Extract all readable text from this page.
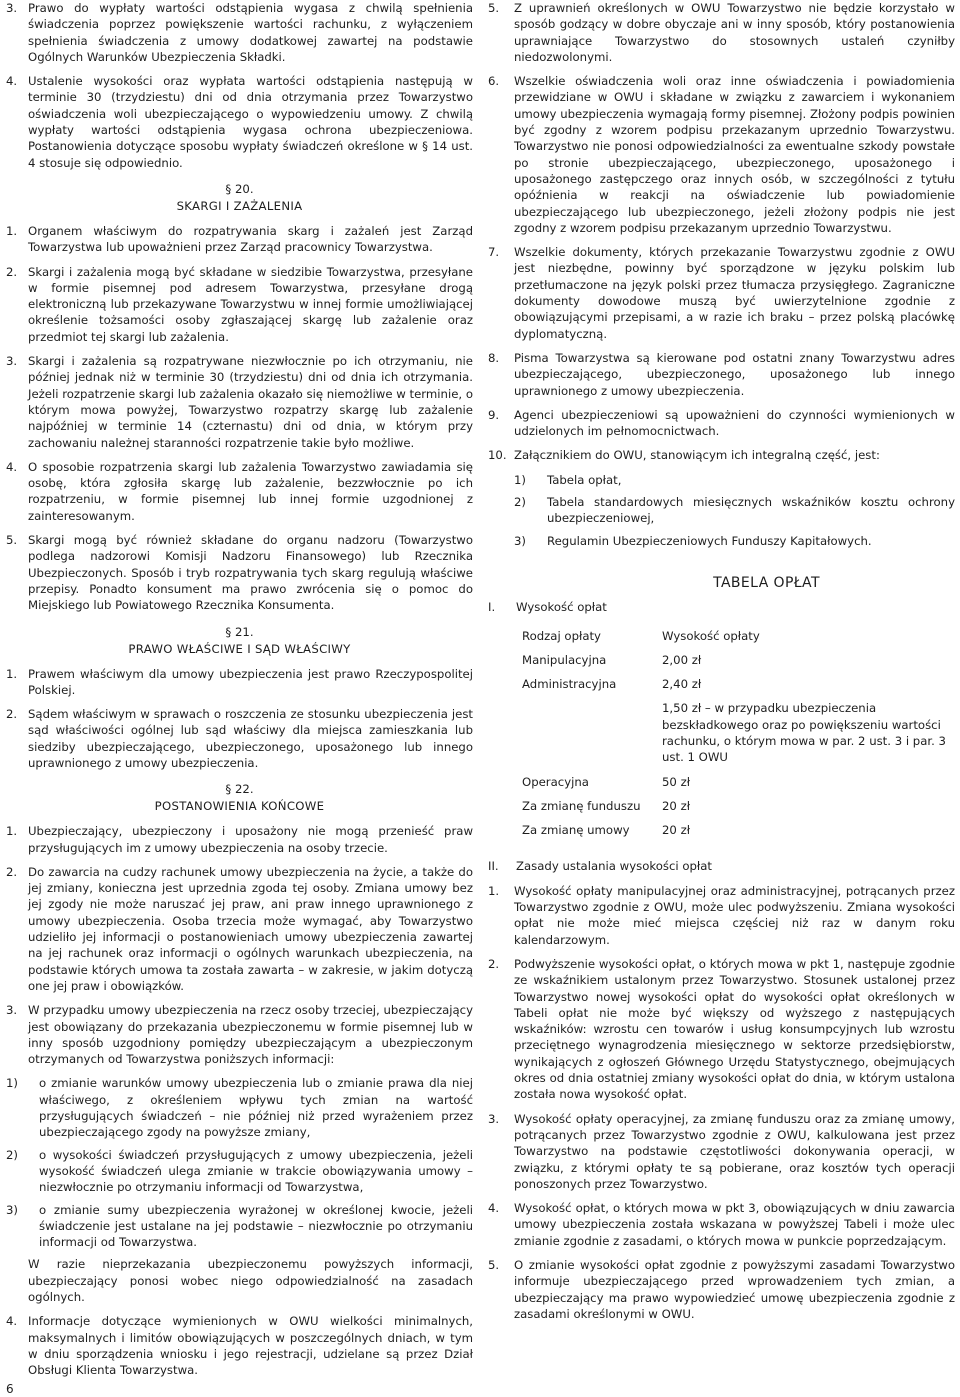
3. Prawo do wypłaty wartości odstąpienia wygasa z chwilą spełnienia świadczenia poprzez powiększenie wartości rachunku, z wyłączeniem spełnienia świadczenia z umowy dodatkowej zawartej na podstawie Ogólnych Warunków Ubezpieczenia Składki.
4. Ustalenie wysokości oraz wypłata wartości odstąpienia następują w terminie 30 (trzydziestu) dni od dnia otrzymania przez Towarzystwo oświadczenia woli ubezpieczającego o wypowiedzeniu umowy. Z chwilą wypłaty wartości odstąpienia wygasa ochrona ubezpieczeniowa. Postanowienia dotyczące sposobu wypłaty świadczeń określone w § 14 ust. 4 stosuje się odpowiednio.
§ 20.
SKARGI I ZAŻALENIA
1. Organem właściwym do rozpatrywania skarg i zażaleń jest Zarząd Towarzystwa lub upoważnieni przez Zarząd pracownicy Towarzystwa.
2. Skargi i zażalenia mogą być składane w siedzibie Towarzystwa, przesyłane w formie pisemnej pod adresem Towarzystwa, przesyłane drogą elektroniczną lub przekazywane Towarzystwu w innej formie umożliwiającej określenie tożsamości osoby zgłaszającej skargę lub zażalenie oraz przedmiot tej skargi lub zażalenia.
3. Skargi i zażalenia są rozpatrywane niezwłocznie po ich otrzymaniu, nie później jednak niż w terminie 30 (trzydziestu) dni od dnia ich otrzymania. Jeżeli rozpatrzenie skargi lub zażalenia okazało się niemożliwe w terminie, o którym mowa powyżej, Towarzystwo rozpatrzy skargę lub zażalenie najpóźniej w terminie 14 (czternastu) dni od dnia, w którym przy zachowaniu należnej staranności rozpatrzenie takie było możliwe.
4. O sposobie rozpatrzenia skargi lub zażalenia Towarzystwo zawiadamia się osobę, która zgłosiła skargę lub zażalenie, bezzwłocznie po ich rozpatrzeniu, w formie pisemnej lub innej formie uzgodnionej z zainteresowanym.
5. Skargi mogą być również składane do organu nadzoru (Towarzystwo podlega nadzorowi Komisji Nadzoru Finansowego) lub Rzecznika Ubezpieczonych. Sposób i tryb rozpatrywania tych skarg regulują właściwe przepisy. Ponadto konsument ma prawo zwrócenia się o pomoc do Miejskiego lub Powiatowego Rzecznika Konsumenta.
§ 21.
PRAWO WŁAŚCIWE I SĄD WŁAŚCIWY
1. Prawem właściwym dla umowy ubezpieczenia jest prawo Rzeczypospolitej Polskiej.
2. Sądem właściwym w sprawach o roszczenia ze stosunku ubezpieczenia jest sąd właściwości ogólnej lub sąd właściwy dla miejsca zamieszkania lub siedziby ubezpieczającego, ubezpieczonego, uposażonego lub innego uprawnionego z umowy ubezpieczenia.
§ 22.
POSTANOWIENIA KOŃCOWE
1. Ubezpieczający, ubezpieczony i uposażony nie mogą przenieść praw przysługujących im z umowy ubezpieczenia na osoby trzecie.
2. Do zawarcia na cudzy rachunek umowy ubezpieczenia na życie, a także do jej zmiany, konieczna jest uprzednia zgoda tej osoby. Zmiana umowy bez jej zgody nie może naruszać jej praw, ani praw innego uprawnionego z umowy ubezpieczenia. Osoba trzecia może wymagać, aby Towarzystwo udzieliło jej informacji o postanowieniach umowy ubezpieczenia zawartej na jej rachunek oraz informacji o ogólnych warunkach ubezpieczenia, na podstawie których umowa ta została zawarta – w zakresie, w jakim dotyczą one jej praw i obowiązków.
3. W przypadku umowy ubezpieczenia na rzecz osoby trzeciej, ubezpieczający jest obowiązany do przekazania ubezpieczonemu w formie pisemnej lub w inny sposób uzgodniony pomiędzy ubezpieczającym a ubezpieczonym otrzymanych od Towarzystwa poniższych informacji:
1) o zmianie warunków umowy ubezpieczenia lub o zmianie prawa dla niej właściwego, z określeniem wpływu tych zmian na wartość przysługujących świadczeń – nie później niż przed wyrażeniem przez ubezpieczającego zgody na powyższe zmiany,
2) o wysokości świadczeń przysługujących z umowy ubezpieczenia, jeżeli wysokość świadczeń ulega zmianie w trakcie obowiązywania umowy – niezwłocznie po otrzymaniu informacji od Towarzystwa,
3) o zmianie sumy ubezpieczenia wyrażonej w określonej kwocie, jeżeli świadczenie jest ustalane na jej podstawie – niezwłocznie po otrzymaniu informacji od Towarzystwa.
W razie nieprzekazania ubezpieczonemu powyższych informacji, ubezpieczający ponosi wobec niego odpowiedzialność na zasadach ogólnych.
4. Informacje dotyczące wymienionych w OWU wielkości minimalnych, maksymalnych i limitów obowiązujących w poszczególnych dniach, w tym w dniu sporządzenia wniosku i jego rejestracji, udzielane są przez Dział Obsługi Klienta Towarzystwa.
5. Z uprawnień określonych w OWU Towarzystwo nie będzie korzystało w sposób godzący w dobre obyczaje ani w inny sposób, który postanowienia uprawniające Towarzystwo do stosownych ustaleń czyniłby niedozwolonymi.
6. Wszelkie oświadczenia woli oraz inne oświadczenia i powiadomienia przewidziane w OWU i składane w związku z zawarciem i wykonaniem umowy ubezpieczenia wymagają formy pisemnej. Złożony podpis powinien być zgodny z wzorem podpisu przekazanym uprzednio Towarzystwu. Towarzystwo nie ponosi odpowiedzialności za ewentualne szkody powstałe po stronie ubezpieczającego, ubezpieczonego, uposażonego i uposażonego zastępczego oraz innych osób, w szczególności z tytułu opóźnienia w reakcji na oświadczenie lub powiadomienie ubezpieczającego lub ubezpieczonego, jeżeli złożony podpis nie jest zgodny z wzorem podpisu przekazanym uprzednio Towarzystwu.
7. Wszelkie dokumenty, których przekazanie Towarzystwu zgodnie z OWU jest niezbędne, powinny być sporządzone w języku polskim lub przetłumaczone na język polski przez tłumacza przysięgłego. Zagraniczne dokumenty dowodowe muszą być uwierzytelnione zgodnie z obowiązującymi przepisami, a w razie ich braku – przez polską placówkę dyplomatyczną.
8. Pisma Towarzystwa są kierowane pod ostatni znany Towarzystwu adres ubezpieczającego, ubezpieczonego, uposażonego lub innego uprawnionego z umowy ubezpieczenia.
9. Agenci ubezpieczeniowi są upoważnieni do czynności wymienionych w udzielonych im pełnomocnictwach.
10. Załącznikiem do OWU, stanowiącym ich integralną część, jest:
1) Tabela opłat,
2) Tabela standardowych miesięcznych wskaźników kosztu ochrony ubezpieczeniowej,
3) Regulamin Ubezpieczeniowych Funduszy Kapitałowych.
TABELA OPŁAT
I. Wysokość opłat
Rodzaj opłaty	Wysokość opłaty
Manipulacyjna	2,00 zł
Administracyjna	2,40 zł
	1,50 zł – w przypadku ubezpieczenia bezskładkowego oraz po powiększeniu wartości rachunku, o którym mowa w par. 2 ust. 3 i par. 3 ust. 1 OWU
Operacyjna	50 zł
Za zmianę funduszu	20 zł
Za zmianę umowy	20 zł
II. Zasady ustalania wysokości opłat
1. Wysokość opłaty manipulacyjnej oraz administracyjnej, potrącanych przez Towarzystwo zgodnie z OWU, może ulec podwyższeniu. Zmiana wysokości opłat nie może mieć miejsca częściej niż raz w danym roku kalendarzowym.
2. Podwyższenie wysokości opłat, o których mowa w pkt 1, następuje zgodnie ze wskaźnikiem ustalonym przez Towarzystwo. Stosunek ustalonej przez Towarzystwo nowej wysokości opłat do wysokości opłat określonych w Tabeli opłat nie może być większy od wyższego z następujących wskaźników: wzrostu cen towarów i usług konsumpcyjnych lub wzrostu przeciętnego wynagrodzenia miesięcznego w sektorze przedsiębiorstw, wynikających z ogłoszeń Głównego Urzędu Statystycznego, obejmujących okres od dnia ostatniej zmiany wysokości opłat do dnia, w którym ustalona została nowa wysokość opłat.
3. Wysokość opłaty operacyjnej, za zmianę funduszu oraz za zmianę umowy, potrącanych przez Towarzystwo zgodnie z OWU, kalkulowana jest przez Towarzystwo na podstawie częstotliwości dokonywania operacji, w związku, z którymi opłaty te są pobierane, oraz kosztów tych operacji ponoszonych przez Towarzystwo.
4. Wysokość opłat, o których mowa w pkt 3, obowiązujących w dniu zawarcia umowy ubezpieczenia została wskazana w powyższej Tabeli i może ulec zmianie zgodnie z zasadami, o których mowa w punkcie poprzedzającym.
5. O zmianie wysokości opłat zgodnie z powyższymi zasadami Towarzystwo informuje ubezpieczającego przed wprowadzeniem tych zmian, a ubezpieczający ma prawo wypowiedzieć umowę ubezpieczenia zgodnie z zasadami określonymi w OWU.
6
